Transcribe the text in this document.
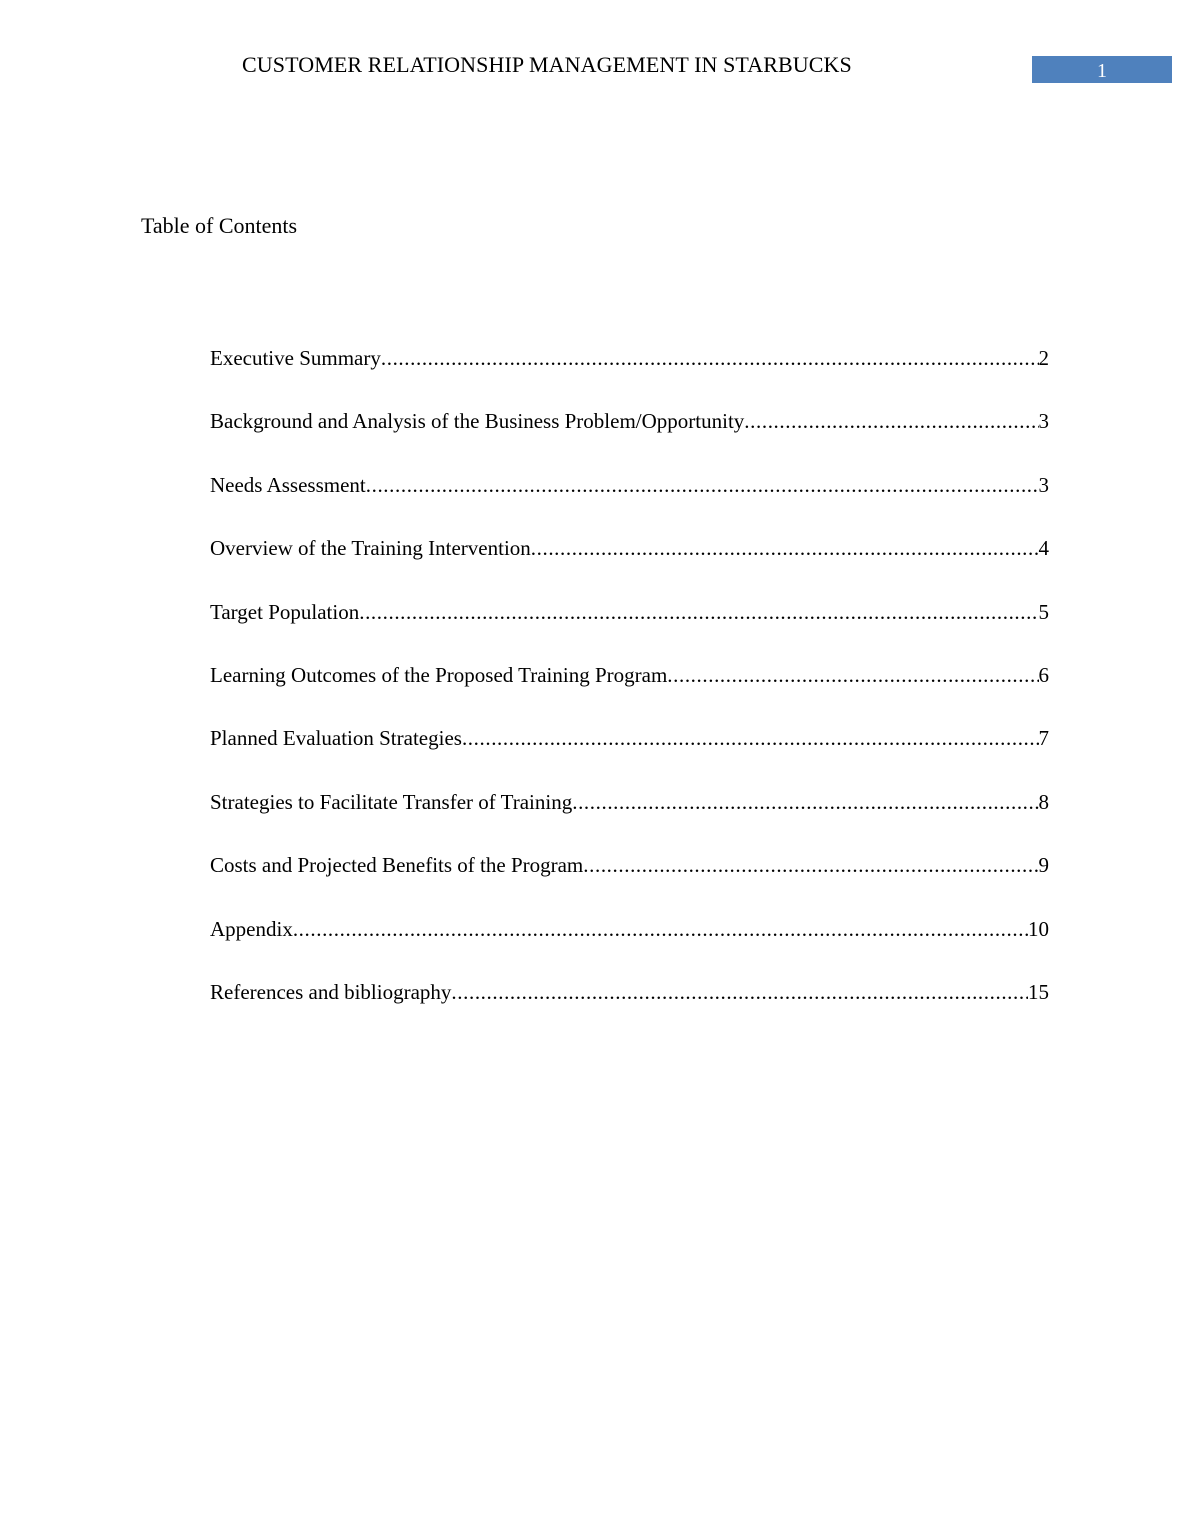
CUSTOMER RELATIONSHIP MANAGEMENT IN STARBUCKS	1
Table of Contents
Executive Summary .....	2
Background and Analysis of the Business Problem/Opportunity .....	3
Needs Assessment .....	3
Overview of the Training Intervention .....	4
Target Population .....	5
Learning Outcomes of the Proposed Training Program .....	6
Planned Evaluation Strategies .....	7
Strategies to Facilitate Transfer of Training .....	8
Costs and Projected Benefits of the Program .....	9
Appendix .....	10
References and bibliography .....	15
